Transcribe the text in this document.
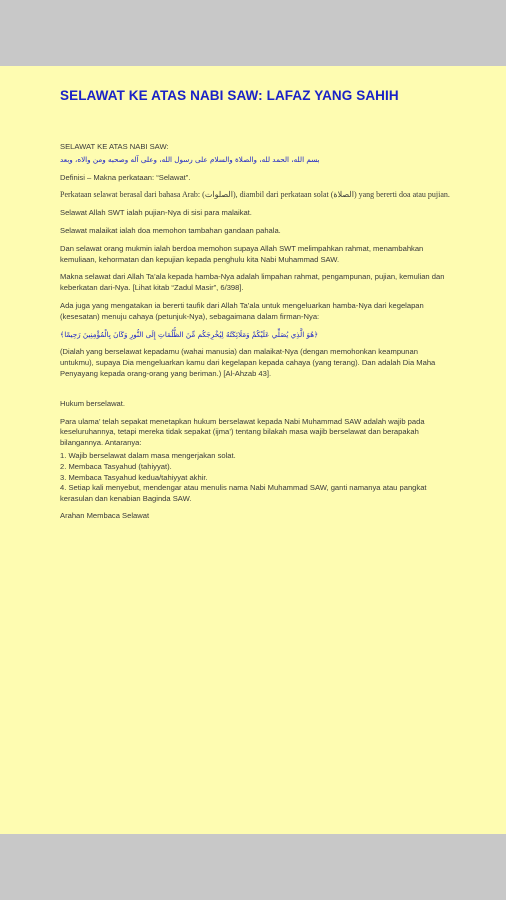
SELAWAT KE ATAS NABI SAW: LAFAZ YANG SAHIH

SELAWAT KE ATAS NABI SAW:

بسم الله، الحمد لله، والصلاة والسلام على رسول الله، وعلى آله وصحبه ومن والاه، وبعد

Definisi – Makna perkataan: “Selawat”.

Perkataan selawat berasal dari bahasa Arab: (الصلوات), diambil dari perkataan solat (الصلاة) yang bererti doa atau pujian.

Selawat Allah SWT ialah pujian-Nya di sisi para malaikat.

Selawat malaikat ialah doa memohon tambahan gandaan pahala.

Dan selawat orang mukmin ialah berdoa memohon supaya Allah SWT melimpahkan rahmat, menambahkan kemuliaan, kehormatan dan kepujian kepada penghulu kita Nabi Muhammad SAW.

Makna selawat dari Allah Ta’ala kepada hamba-Nya adalah limpahan rahmat, pengampunan, pujian, kemulian dan keberkatan dari-Nya. [Lihat kitab “Zadul Masir”, 6/398].

Ada juga yang mengatakan ia bererti taufik dari Allah Ta’ala untuk mengeluarkan hamba-Nya dari kegelapan (kesesatan) menuju cahaya (petunjuk-Nya), sebagaimana dalam firman-Nya:

﴿هُوَ الَّذِي يُصَلِّي عَلَيْكُمْ وَمَلَائِكَتُهُ لِيُخْرِجَكُم مِّنَ الظُّلُمَاتِ إِلَى النُّورِ وَكَانَ بِالْمُؤْمِنِينَ رَحِيمًا﴾

(Dialah yang berselawat kepadamu (wahai manusia) dan malaikat-Nya (dengan memohonkan keampunan untukmu), supaya Dia mengeluarkan kamu dari kegelapan kepada cahaya (yang terang). Dan adalah Dia Maha Penyayang kepada orang-orang yang beriman.) [Al-Ahzab 43].

Hukum berselawat.

Para ulama’ telah sepakat menetapkan hukum berselawat kepada Nabi Muhammad SAW adalah wajib pada keseluruhannya, tetapi mereka tidak sepakat (ijma’) tentang bilakah masa wajib berselawat dan berapakah bilangannya. Antaranya:

1. Wajib berselawat dalam masa mengerjakan solat.
2. Membaca Tasyahud (tahiyyat).
3. Membaca Tasyahud kedua/tahiyyat akhir.
4. Setiap kali menyebut, mendengar atau menulis nama Nabi Muhammad SAW, ganti namanya atau pangkat kerasulan dan kenabian Baginda SAW.

Arahan Membaca Selawat
